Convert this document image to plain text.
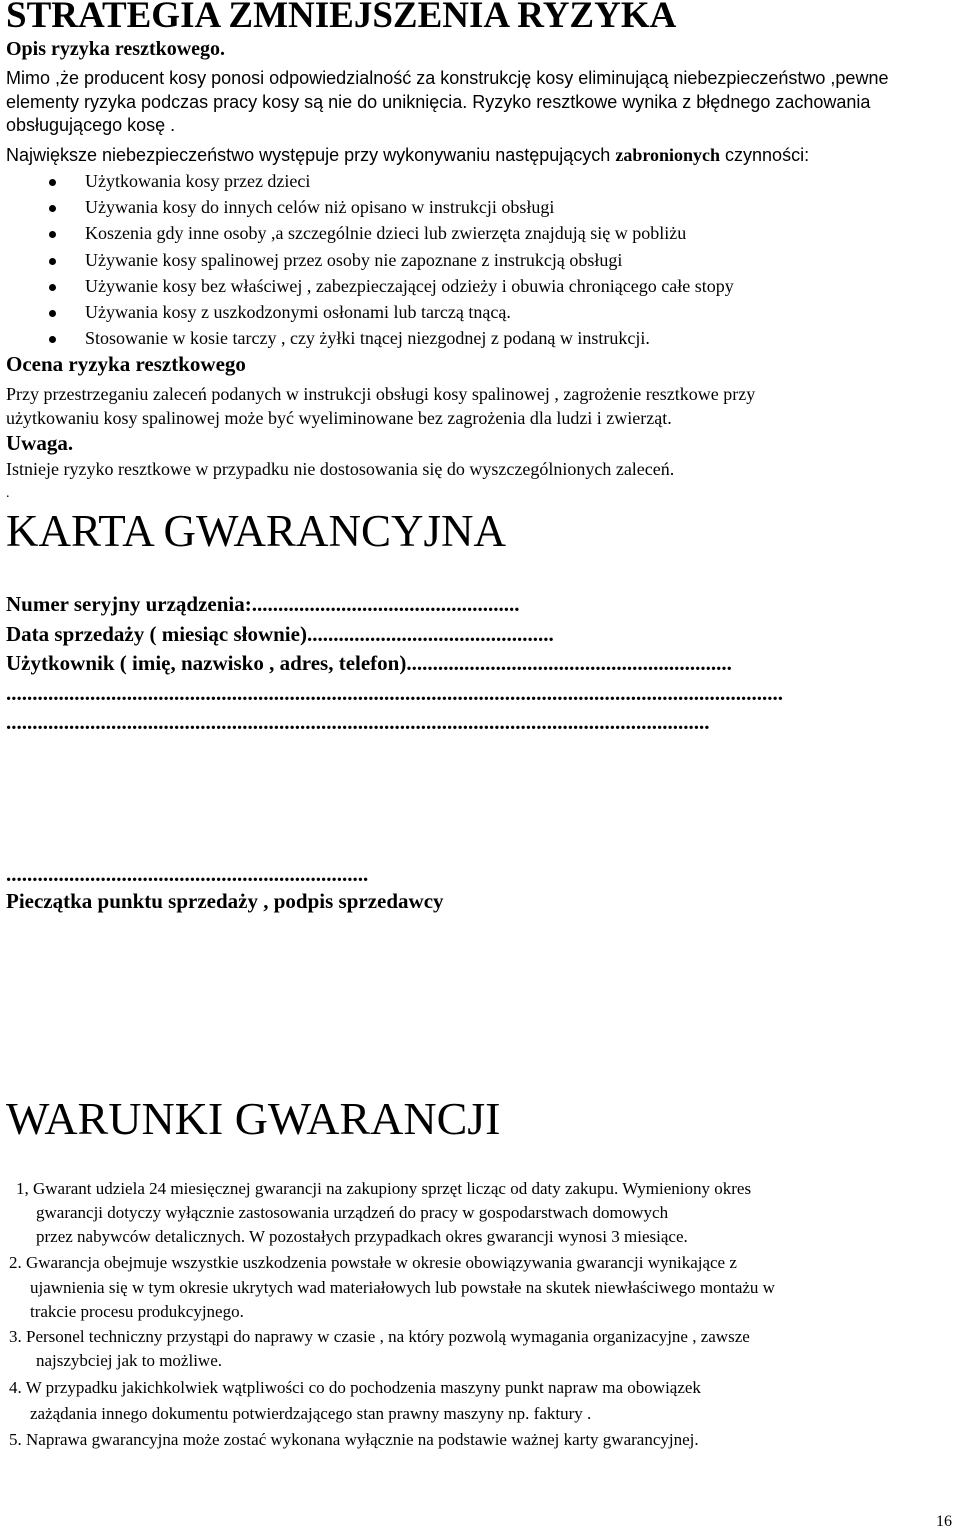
STRATEGIA ZMNIEJSZENIA RYZYKA
Opis ryzyka resztkowego.
Mimo ,że producent kosy ponosi odpowiedzialność za konstrukcję kosy eliminującą niebezpieczeństwo ,pewne elementy ryzyka podczas pracy kosy są nie do uniknięcia. Ryzyko resztkowe wynika z błędnego zachowania obsługującego kosę .
Największe niebezpieczeństwo występuje przy wykonywaniu następujących zabronionych czynności:
Użytkowania kosy przez dzieci
Używania kosy do innych celów niż opisano w instrukcji obsługi
Koszenia gdy inne osoby ,a szczególnie dzieci lub zwierzęta znajdują się w pobliżu
Używanie kosy spalinowej przez osoby nie zapoznane z instrukcją obsługi
Używanie kosy bez właściwej , zabezpieczającej odzieży i obuwia chroniącego całe stopy
Używania kosy z uszkodzonymi osłonami lub tarczą tnącą.
Stosowanie w kosie tarczy , czy żyłki tnącej niezgodnej z podaną w instrukcji.
Ocena ryzyka resztkowego
Przy przestrzeganiu zaleceń podanych w instrukcji obsługi kosy spalinowej , zagrożenie resztkowe przy
użytkowaniu kosy spalinowej może być wyeliminowane bez zagrożenia dla ludzi i zwierząt.
Uwaga.
Istnieje ryzyko resztkowe w przypadku nie dostosowania się do wyszczególnionych zaleceń.
.
KARTA GWARANCYJNA
Numer seryjny urządzenia:...................................................
Data sprzedaży ( miesiąc słownie)...............................................
Użytkownik ( imię, nazwisko , adres, telefon)..............................................................
....................................................................................................................................................
......................................................................................................................................
.....................................................................
Pieczątka punktu sprzedaży , podpis sprzedawcy
WARUNKI GWARANCJI
1, Gwarant udziela 24 miesięcznej gwarancji na zakupiony sprzęt licząc od daty zakupu. Wymieniony okres
gwarancji dotyczy wyłącznie zastosowania urządzeń do pracy w gospodarstwach domowych
przez nabywców detalicznych. W pozostałych przypadkach okres gwarancji wynosi 3 miesiące.
2. Gwarancja obejmuje wszystkie uszkodzenia powstałe w okresie obowiązywania gwarancji wynikające z
ujawnienia się w tym okresie ukrytych wad materiałowych lub powstałe na skutek niewłaściwego montażu w
trakcie procesu produkcyjnego.
3. Personel techniczny przystąpi do naprawy w czasie , na który pozwolą wymagania organizacyjne , zawsze
najszybciej jak to możliwe.
4. W przypadku jakichkolwiek wątpliwości co do pochodzenia maszyny punkt napraw ma obowiązek
zażądania innego dokumentu potwierdzającego stan prawny maszyny np. faktury .
5. Naprawa gwarancyjna może zostać wykonana wyłącznie na podstawie ważnej karty gwarancyjnej.
16
